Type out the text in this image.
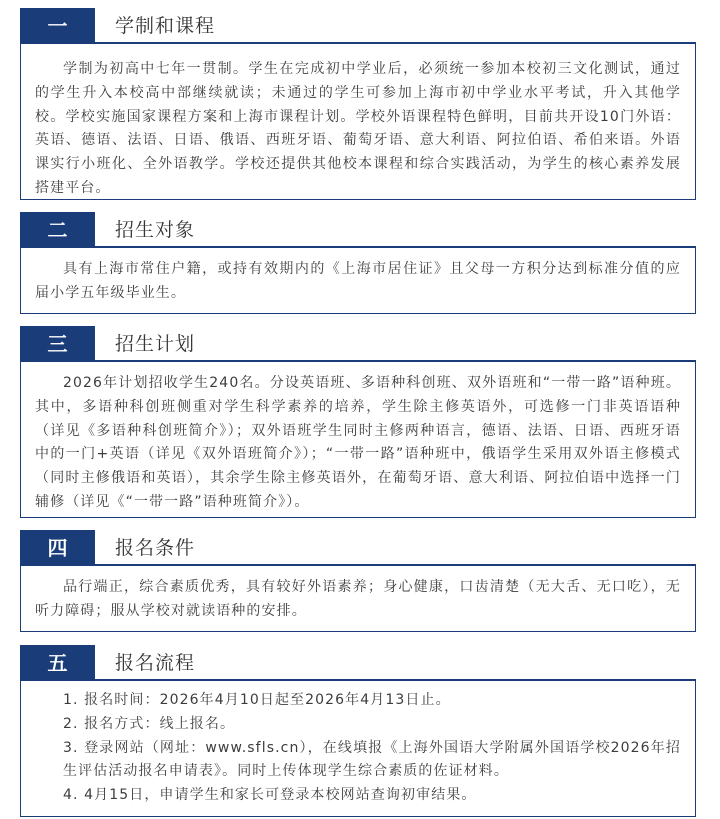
一	学制和课程

学制为初高中七年一贯制。学生在完成初中学业后，必须统一参加本校初三文化测试，通过的学生升入本校高中部继续就读；未通过的学生可参加上海市初中学业水平考试，升入其他学校。学校实施国家课程方案和上海市课程计划。学校外语课程特色鲜明，目前共开设10门外语：英语、德语、法语、日语、俄语、西班牙语、葡萄牙语、意大利语、阿拉伯语、希伯来语。外语课实行小班化、全外语教学。学校还提供其他校本课程和综合实践活动，为学生的核心素养发展搭建平台。

二	招生对象

具有上海市常住户籍，或持有效期内的《上海市居住证》且父母一方积分达到标准分值的应届小学五年级毕业生。

三	招生计划

2026年计划招收学生240名。分设英语班、多语种科创班、双外语班和“一带一路”语种班。其中，多语种科创班侧重对学生科学素养的培养，学生除主修英语外，可选修一门非英语语种（详见《多语种科创班简介》）；双外语班学生同时主修两种语言，德语、法语、日语、西班牙语中的一门+英语（详见《双外语班简介》）；“一带一路”语种班中，俄语学生采用双外语主修模式（同时主修俄语和英语），其余学生除主修英语外，在葡萄牙语、意大利语、阿拉伯语中选择一门辅修（详见《“一带一路”语种班简介》）。

四	报名条件

品行端正，综合素质优秀，具有较好外语素养；身心健康，口齿清楚（无大舌、无口吃），无听力障碍；服从学校对就读语种的安排。

五	报名流程

1. 报名时间：2026年4月10日起至2026年4月13日止。

2. 报名方式：线上报名。

3. 登录网站（网址：www.sfls.cn），在线填报《上海外国语大学附属外国语学校2026年招生评估活动报名申请表》。同时上传体现学生综合素质的佐证材料。

4. 4月15日，申请学生和家长可登录本校网站查询初审结果。
